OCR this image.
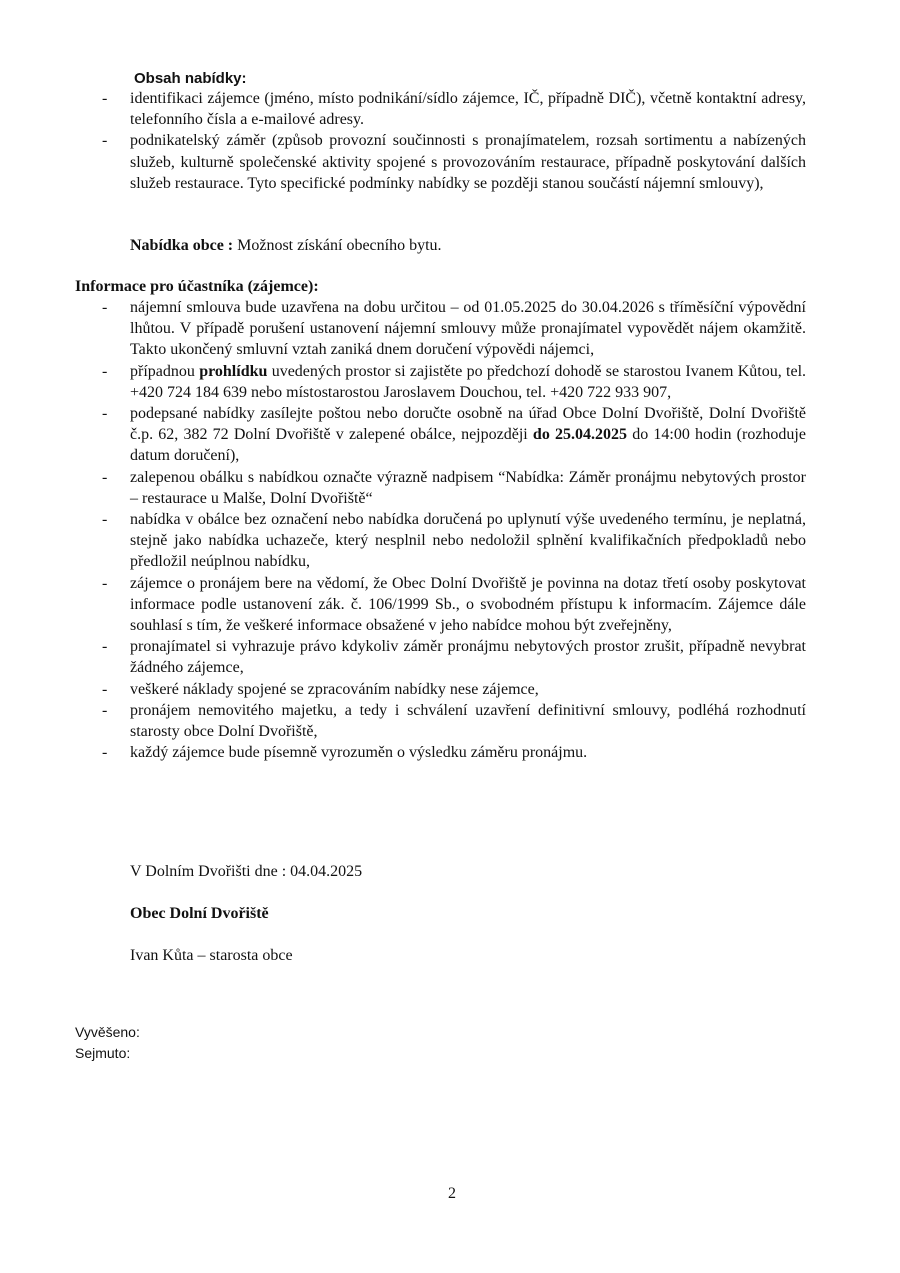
Obsah nabídky:
- identifikaci zájemce (jméno, místo podnikání/sídlo zájemce, IČ, případně DIČ), včetně kontaktní adresy, telefonního čísla a e-mailové adresy.
- podnikatelský záměr (způsob provozní součinnosti s pronajímatelem, rozsah sortimentu a nabízených služeb, kulturně společenské aktivity spojené s provozováním restaurace, případně poskytování dalších služeb restaurace. Tyto specifické podmínky nabídky se později stanou součástí nájemní smlouvy),
Nabídka obce : Možnost získání obecního bytu.
Informace pro účastníka (zájemce):
- nájemní smlouva bude uzavřena na dobu určitou – od 01.05.2025 do 30.04.2026 s tříměsíční výpovědní lhůtou. V případě porušení ustanovení nájemní smlouvy může pronajímatel vypovědět nájem okamžitě. Takto ukončený smluvní vztah zaniká dnem doručení výpovědi nájemci,
- případnou prohlídku uvedených prostor si zajistěte po předchozí dohodě se starostou Ivanem Kůtou, tel. +420 724 184 639 nebo místostarostou Jaroslavem Douchou, tel. +420 722 933 907,
- podepsané nabídky zasílejte poštou nebo doručte osobně na úřad Obce Dolní Dvořiště, Dolní Dvořiště č.p. 62, 382 72 Dolní Dvořiště v zalepené obálce, nejpozději do 25.04.2025 do 14:00 hodin (rozhoduje datum doručení),
- zalepenou obálku s nabídkou označte výrazně nadpisem “Nabídka: Záměr pronájmu nebytových prostor – restaurace u Malše, Dolní Dvořiště“
- nabídka v obálce bez označení nebo nabídka doručená po uplynutí výše uvedeného termínu, je neplatná, stejně jako nabídka uchazeče, který nesplnil nebo nedoložil splnění kvalifikačních předpokladů nebo předložil neúplnou nabídku,
- zájemce o pronájem bere na vědomí, že Obec Dolní Dvořiště je povinna na dotaz třetí osoby poskytovat informace podle ustanovení zák. č. 106/1999 Sb., o svobodném přístupu k informacím. Zájemce dále souhlasí s tím, že veškeré informace obsažené v jeho nabídce mohou být zveřejněny,
- pronajímatel si vyhrazuje právo kdykoliv záměr pronájmu nebytových prostor zrušit, případně nevybrat žádného zájemce,
- veškeré náklady spojené se zpracováním nabídky nese zájemce,
- pronájem nemovitého majetku, a tedy i schválení uzavření definitivní smlouvy, podléhá rozhodnutí starosty obce Dolní Dvořiště,
- každý zájemce bude písemně vyrozuměn o výsledku záměru pronájmu.
V Dolním Dvořišti dne : 04.04.2025
Obec Dolní Dvořiště
Ivan Kůta – starosta obce
Vyvěšeno:
Sejmuto:
2
